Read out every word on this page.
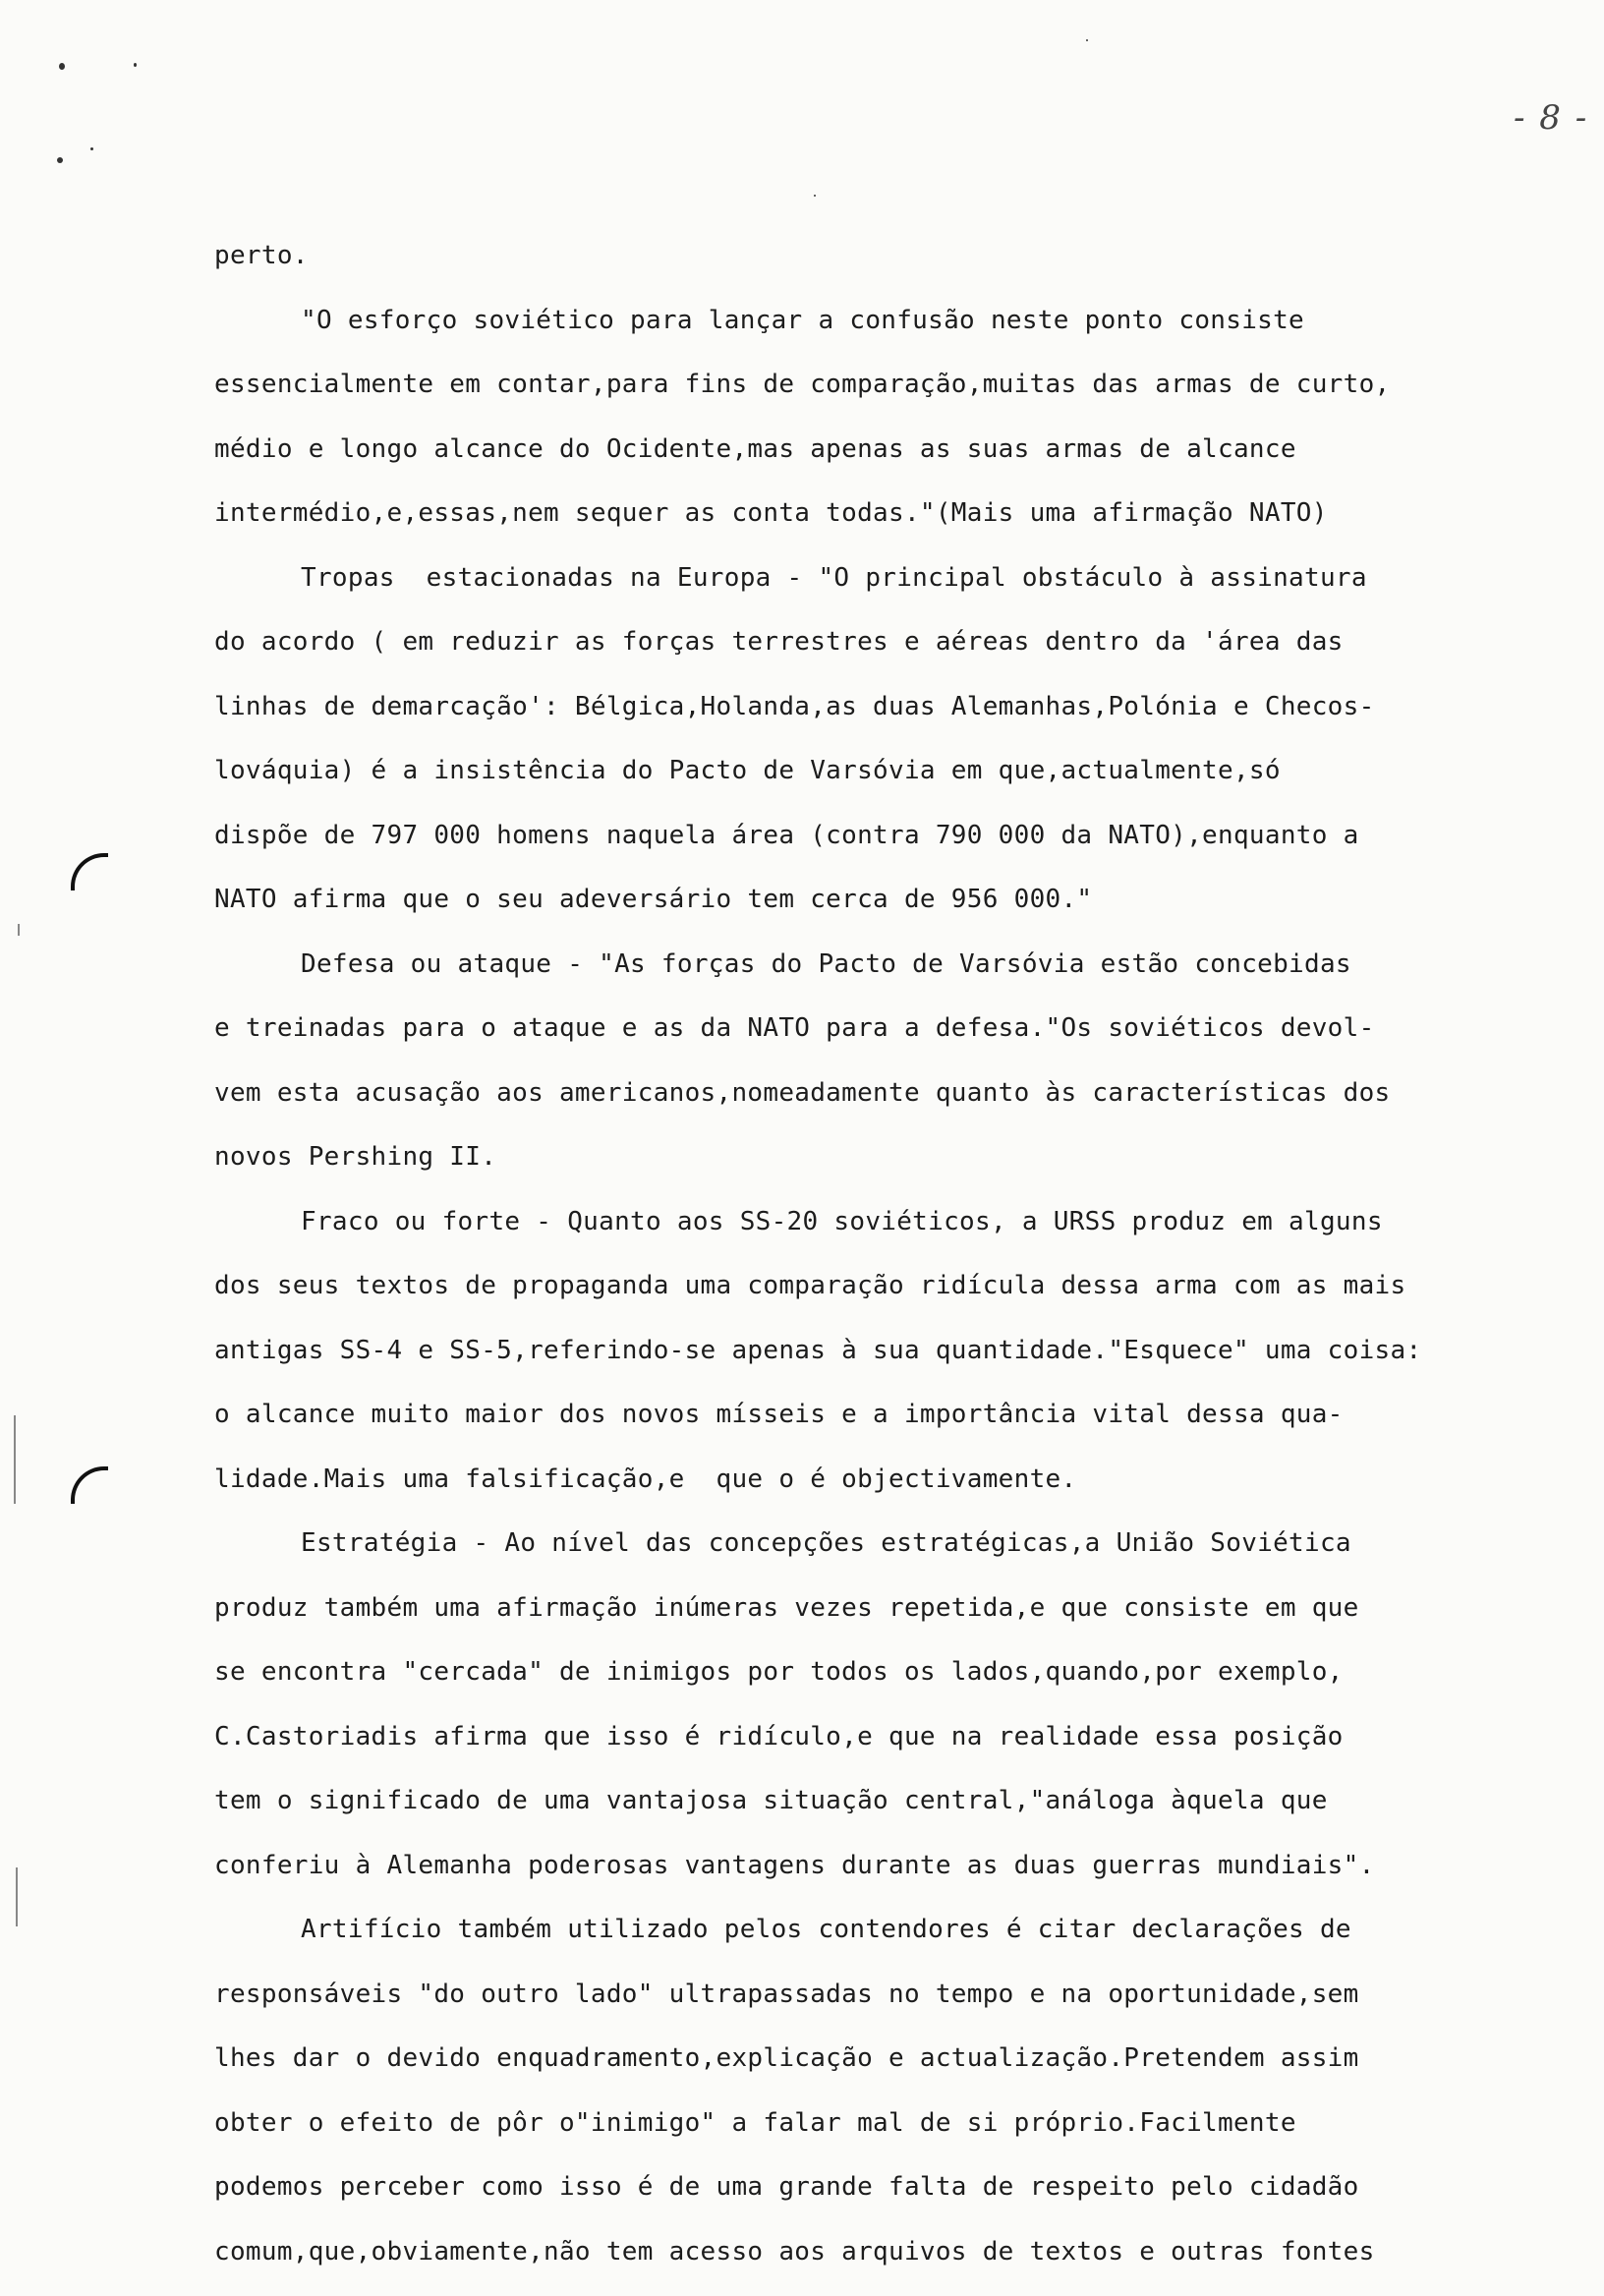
- 8 -
perto.
"O esforço soviético para lançar a confusão neste ponto consiste
essencialmente em contar,para fins de comparação,muitas das armas de curto,
médio e longo alcance do Ocidente,mas apenas as suas armas de alcance
intermédio,e,essas,nem sequer as conta todas."(Mais uma afirmação NATO)
Tropas  estacionadas na Europa - "O principal obstáculo à assinatura
do acordo ( em reduzir as forças terrestres e aéreas dentro da 'área das
linhas de demarcação': Bélgica,Holanda,as duas Alemanhas,Polónia e Checos-
lováquia) é a insistência do Pacto de Varsóvia em que,actualmente,só
dispõe de 797 000 homens naquela área (contra 790 000 da NATO),enquanto a
NATO afirma que o seu adeversário tem cerca de 956 000."
Defesa ou ataque - "As forças do Pacto de Varsóvia estão concebidas
e treinadas para o ataque e as da NATO para a defesa."Os soviéticos devol-
vem esta acusação aos americanos,nomeadamente quanto às características dos
novos Pershing II.
Fraco ou forte - Quanto aos SS-20 soviéticos, a URSS produz em alguns
dos seus textos de propaganda uma comparação ridícula dessa arma com as mais
antigas SS-4 e SS-5,referindo-se apenas à sua quantidade."Esquece" uma coisa:
o alcance muito maior dos novos mísseis e a importância vital dessa qua-
lidade.Mais uma falsificação,e  que o é objectivamente.
Estratégia - Ao nível das concepções estratégicas,a União Soviética
produz também uma afirmação inúmeras vezes repetida,e que consiste em que
se encontra "cercada" de inimigos por todos os lados,quando,por exemplo,
C.Castoriadis afirma que isso é ridículo,e que na realidade essa posição
tem o significado de uma vantajosa situação central,"análoga àquela que
conferiu à Alemanha poderosas vantagens durante as duas guerras mundiais".
Artifício também utilizado pelos contendores é citar declarações de
responsáveis "do outro lado" ultrapassadas no tempo e na oportunidade,sem
lhes dar o devido enquadramento,explicação e actualização.Pretendem assim
obter o efeito de pôr o"inimigo" a falar mal de si próprio.Facilmente
podemos perceber como isso é de uma grande falta de respeito pelo cidadão
comum,que,obviamente,não tem acesso aos arquivos de textos e outras fontes
